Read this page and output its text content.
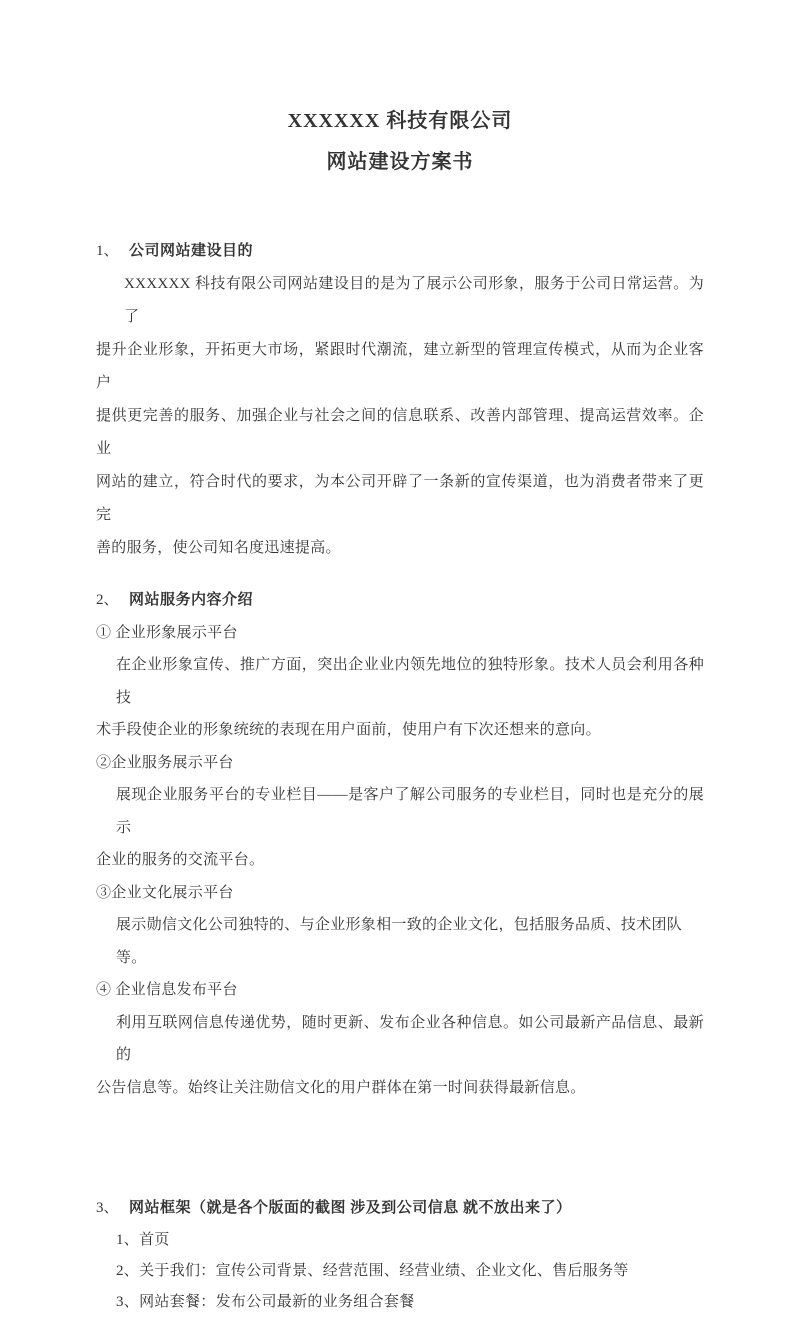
XXXXXX 科技有限公司
网站建设方案书

1、 公司网站建设目的

XXXXXX 科技有限公司网站建设目的是为了展示公司形象，服务于公司日常运营。为了

提升企业形象，开拓更大市场，紧跟时代潮流，建立新型的管理宣传模式，从而为企业客户

提供更完善的服务、加强企业与社会之间的信息联系、改善内部管理、提高运营效率。企业

网站的建立，符合时代的要求，为本公司开辟了一条新的宣传渠道，也为消费者带来了更完

善的服务，使公司知名度迅速提高。

2、 网站服务内容介绍

① 企业形象展示平台

在企业形象宣传、推广方面，突出企业业内领先地位的独特形象。技术人员会利用各种技

术手段使企业的形象统统的表现在用户面前，使用户有下次还想来的意向。

②企业服务展示平台

展现企业服务平台的专业栏目——是客户了解公司服务的专业栏目，同时也是充分的展示

企业的服务的交流平台。

③企业文化展示平台

展示勋信文化公司独特的、与企业形象相一致的企业文化，包括服务品质、技术团队等。

④ 企业信息发布平台

利用互联网信息传递优势，随时更新、发布企业各种信息。如公司最新产品信息、最新的

公告信息等。始终让关注勋信文化的用户群体在第一时间获得最新信息。

3、 网站框架（就是各个版面的截图 涉及到公司信息 就不放出来了）

1、首页

2、关于我们：宣传公司背景、经营范围、经营业绩、企业文化、售后服务等

3、网站套餐：发布公司最新的业务组合套餐
